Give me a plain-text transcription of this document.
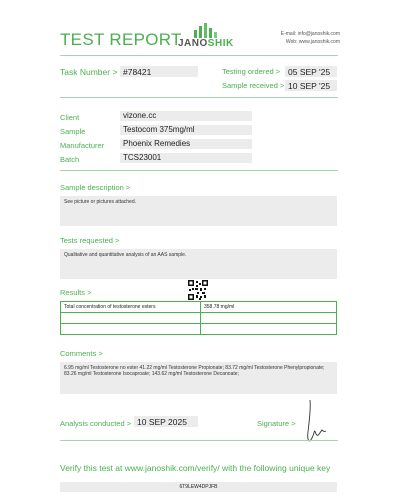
TEST REPORT
JANOSHIK
E-mail: info@janoshik.com
Web: www.janoshik.com
Task Number > #78421	Testing ordered > 05 SEP '25
Sample received > 10 SEP '25
Client	vizone.cc
Sample	Testocom 375mg/ml
Manufacturer	Phoenix Remedies
Batch	TCS23001
Sample description >
See picture or pictures attached.
Tests requested >
Qualitative and quantitative analysis of an AAS sample.
Results >
Total concentration of testosterone esters	358.78 mg/ml

Comments >
6.95 mg/ml Testosterone no ester 41.22 mg/ml Testosterone Propionate; 83.72 mg/ml Testosterone Phenylpropionate; 83.26 mg/ml Testosterone Isocaproate; 143.62 mg/ml Testosterone Decanoate;
Analysis conducted > 10 SEP 2025	Signature >
Verify this test at www.janoshik.com/verify/ with the following unique key
6T9LEW4DPJFB
